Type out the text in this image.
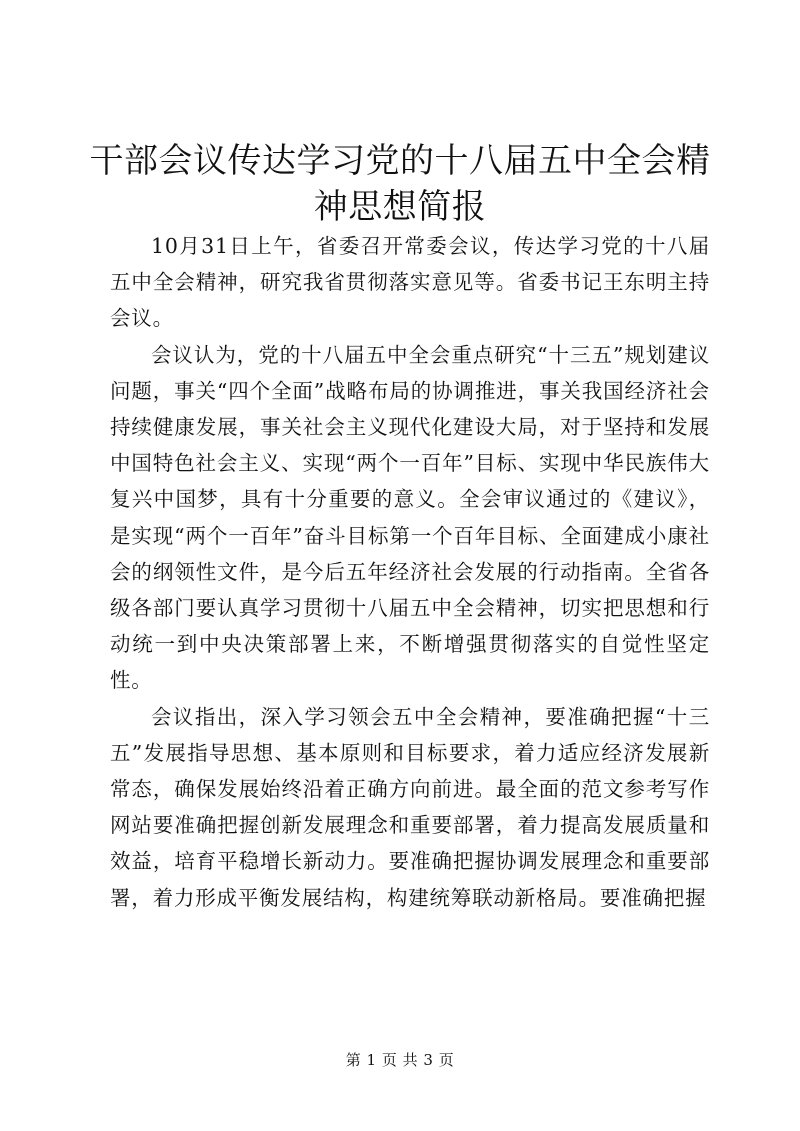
干部会议传达学习党的十八届五中全会精神思想简报

10月31日上午，省委召开常委会议，传达学习党的十八届五中全会精神，研究我省贯彻落实意见等。省委书记王东明主持会议。

会议认为，党的十八届五中全会重点研究“十三五”规划建议问题，事关“四个全面”战略布局的协调推进，事关我国经济社会持续健康发展，事关社会主义现代化建设大局，对于坚持和发展中国特色社会主义、实现“两个一百年”目标、实现中华民族伟大复兴中国梦，具有十分重要的意义。全会审议通过的《建议》，是实现“两个一百年”奋斗目标第一个百年目标、全面建成小康社会的纲领性文件，是今后五年经济社会发展的行动指南。全省各级各部门要认真学习贯彻十八届五中全会精神，切实把思想和行动统一到中央决策部署上来，不断增强贯彻落实的自觉性坚定性。

会议指出，深入学习领会五中全会精神，要准确把握“十三五”发展指导思想、基本原则和目标要求，着力适应经济发展新常态，确保发展始终沿着正确方向前进。最全面的范文参考写作网站要准确把握创新发展理念和重要部署，着力提高发展质量和效益，培育平稳增长新动力。要准确把握协调发展理念和重要部署，着力形成平衡发展结构，构建统筹联动新格局。要准确把握

第 1 页 共 3 页
